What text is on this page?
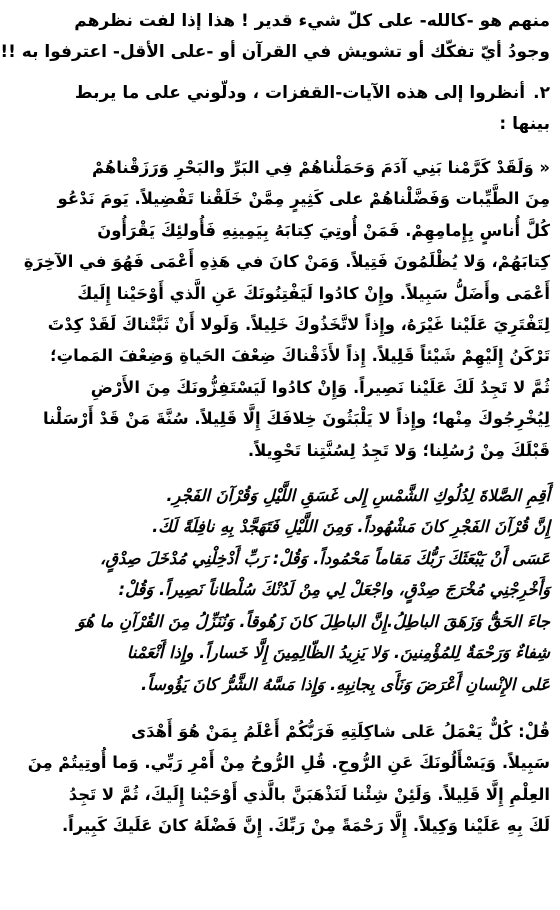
منهم هو -كالله- على كلّ شيء قدير ! هذا إذا لفت نظرهم
وجودُ أيّ تفكّك أو تشويش في القرآن أو -على الأقل- اعترفوا به !!
٢.أنظروا إلى هذه الآيات-القفزات ، ودلّوني على ما يربط
بينها :
« وَلَقَدْ كَرَّمْنا بَنِي آدَمَ وَحَمَلْناهُمْ فِي البَرِّ والبَحْرِ وَرَزَقْناهُمْ
مِنَ الطَّيِّبات وَفَضَّلْناهُمْ على كَثِيرٍ مِمَّنْ خَلَقْنا تَفْضِيلاً. يَومَ نَدْعُو
كُلَّ أُناسٍ بِإِمامِهِمْ. فَمَنْ أُوتِيَ كِتابَهُ بِيَمِينِهِ فَأُولئِكَ يَقْرَأُونَ
كِتابَهُمْ، وَلا يُظْلَمُونَ فَتِيلاً. وَمَنْ كانَ في هَذِهِ أَعْمَى فَهُوَ في الآخِرَةِ
أَعْمَى وأَضَلُّ سَبِيلاً. وإِنْ كادُوا لَيَفْتِنُونَكَ عَنِ الَّذي أَوْحَيْنا إِلَيكَ
لِتَفْتَرِيَ عَلَيْنا غَيْرَهُ، وإِذاً لاتَّخَذُوكَ خَلِيلاً. وَلَولا أَنْ ثَبَّتْناكَ لَقَدْ كِدْتَ
تَرْكَنُ إِلَيْهِمْ شَيْئاً قَلِيلاً. إِذاً لأَذَقْناكَ ضِعْفَ الحَياةِ وَضِعْفَ المَماتِ؛
ثُمَّ لا تَجِدُ لَكَ عَلَيْنا نَصِيراً. وَإِنْ كادُوا لَيَسْتَفِزُّونَكَ مِنَ الأَرْضِ
لِيُخْرِجُوكَ مِنْها؛ وإِذاً لا يَلْبَثُونَ خِلافَكَ إِلَّا قَلِيلاً. سُنَّةَ مَنْ قَدْ أَرْسَلْنا
قَبْلَكَ مِنْ رُسُلِنا؛ وَلا تَجِدُ لِسُنَّتِنا تَحْوِيلاً.
أَقِمِ الصَّلاةَ لِدُلُوكِ الشَّمْسِ إِلى غَسَقِ اللَّيْلِ وَقُرْآنَ الفَجْرِ.
إِنَّ قُرْآنَ الفَجْرِ كانَ مَشْهُوداً. وَمِنَ اللَّيْلِ فَتَهَجَّدْ بِهِ نافِلَةً لَكَ.
عَسَى أَنْ يَبْعَثَكَ رَبُّكَ مَقاماً مَحْمُوداً. وَقُلْ: رَبِّ أَدْخِلْنِي مُدْخَلَ صِدْقٍ،
وَأَخْرِجْنِي مُخْرَجَ صِدْقٍ، واجْعَلْ لِي مِنْ لَدُنْكَ سُلْطاناً نَصِيراً. وَقُلْ:
جاءَ الحَقُّ وَزَهَقَ الباطِلُ.إِنَّ الباطِلَ كانَ زَهُوقاً. وَنُنَزِّلُ مِنَ القُرْآنِ ما هُوَ
شِفاءٌ وَرَحْمَةٌ لِلمُؤْمِنينَ. وَلا يَزِيدُ الظّالِمِينَ إِلَّا خَساراً. وإِذا أَنْعَمْنا
عَلى الإِنْسانِ أَعْرَضَ وَنَأَى بِجانِبِهِ. وَإِذا مَسَّهُ الشَّرُّ كانَ يَؤُوساً.
قُلْ: كُلٌّ يَعْمَلُ عَلى شاكِلَتِهِ فَرَبُّكُمْ أَعْلَمُ بِمَنْ هُوَ أَهْدَى
سَبِيلاً. وَيَسْأَلُونَكَ عَنِ الرُّوحِ. قُلِ الرُّوحُ مِنْ أَمْرِ رَبِّي. وَما أُوتِيتُمْ مِنَ
العِلْمِ إِلَّا قَلِيلاً. وَلَئِنْ شِئْنا لَنَذْهَبَنَّ بالَّذي أَوْحَيْنا إِلَيكَ، ثُمَّ لا تَجِدُ
لَكَ بِهِ عَلَيْنا وَكِيلاً. إِلَّا رَحْمَةً مِنْ رَبِّكَ. إِنَّ فَضْلَهُ كانَ عَلَيكَ كَبِيراً.
